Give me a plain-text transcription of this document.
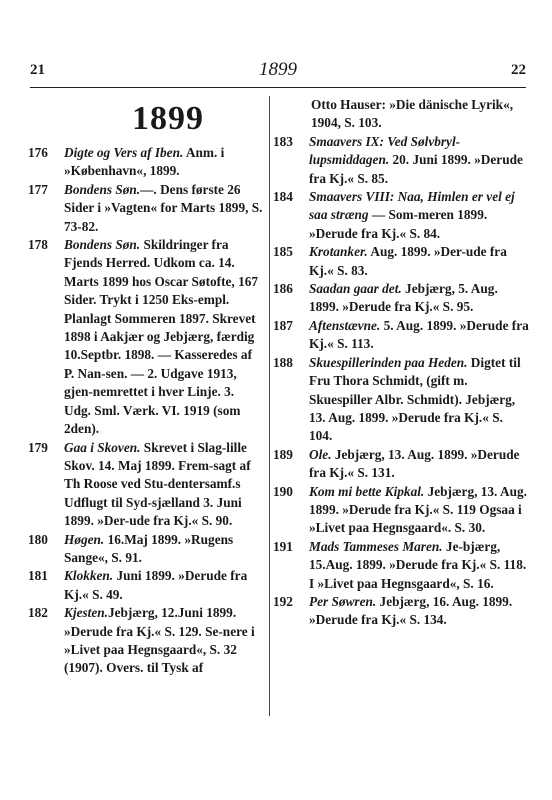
21	1899	22
1899
176	Digte og Vers af Iben. Anm. i »København«, 1899.
177	Bondens Søn.—. Dens første 26 Sider i »Vagten« for Marts 1899, S. 73-82.
178	Bondens Søn. Skildringer fra Fjends Herred. Udkom ca. 14. Marts 1899 hos Oscar Søtofte, 167 Sider. Trykt i 1250 Eks-empl. Planlagt Sommeren 1897. Skrevet 1898 i Aakjær og Jebjærg, færdig 10.Septbr. 1898. — Kasseredes af P. Nan-sen. — 2. Udgave 1913, gjen-nemrettet i hver Linje. 3. Udg. Sml. Værk. VI. 1919 (som 2den).
179	Gaa i Skoven. Skrevet i Slag-lille Skov. 14. Maj 1899. Frem-sagt af Th Roose ved Stu-dentersamf.s Udflugt til Syd-sjælland 3. Juni 1899. »Der-ude fra Kj.« S. 90.
180	Høgen. 16.Maj 1899. »Rugens Sange«, S. 91.
181	Klokken. Juni 1899. »Derude fra Kj.« S. 49.
182	Kjesten.Jebjærg, 12.Juni 1899. »Derude fra Kj.« S. 129. Se-nere i »Livet paa Hegnsgaard«, S. 32 (1907). Overs. til Tysk af
Otto Hauser: »Die dänische Lyrik«, 1904, S. 103.
183	Smaavers IX: Ved Sølvbryl-lupsmiddagen. 20. Juni 1899. »Derude fra Kj.« S. 85.
184	Smaavers VIII: Naa, Himlen er vel ej saa stræng — Som-meren 1899. »Derude fra Kj.« S. 84.
185	Krotanker. Aug. 1899. »Der-ude fra Kj.« S. 83.
186	Saadan gaar det. Jebjærg, 5. Aug. 1899. »Derude fra Kj.« S. 95.
187	Aftenstævne. 5. Aug. 1899. »Derude fra Kj.« S. 113.
188	Skuespillerinden paa Heden. Digtet til Fru Thora Schmidt, (gift m. Skuespiller Albr. Schmidt). Jebjærg, 13. Aug. 1899. »Derude fra Kj.« S. 104.
189	Ole. Jebjærg, 13. Aug. 1899. »Derude fra Kj.« S. 131.
190	Kom mi bette Kipkal. Jebjærg, 13. Aug. 1899. »Derude fra Kj.« S. 119 Ogsaa i »Livet paa Hegnsgaard«. S. 30.
191	Mads Tammeses Maren. Je-bjærg, 15.Aug. 1899. »Derude fra Kj.« S. 118. I »Livet paa Hegnsgaard«, S. 16.
192	Per Søwren. Jebjærg, 16. Aug. 1899. »Derude fra Kj.« S. 134.
